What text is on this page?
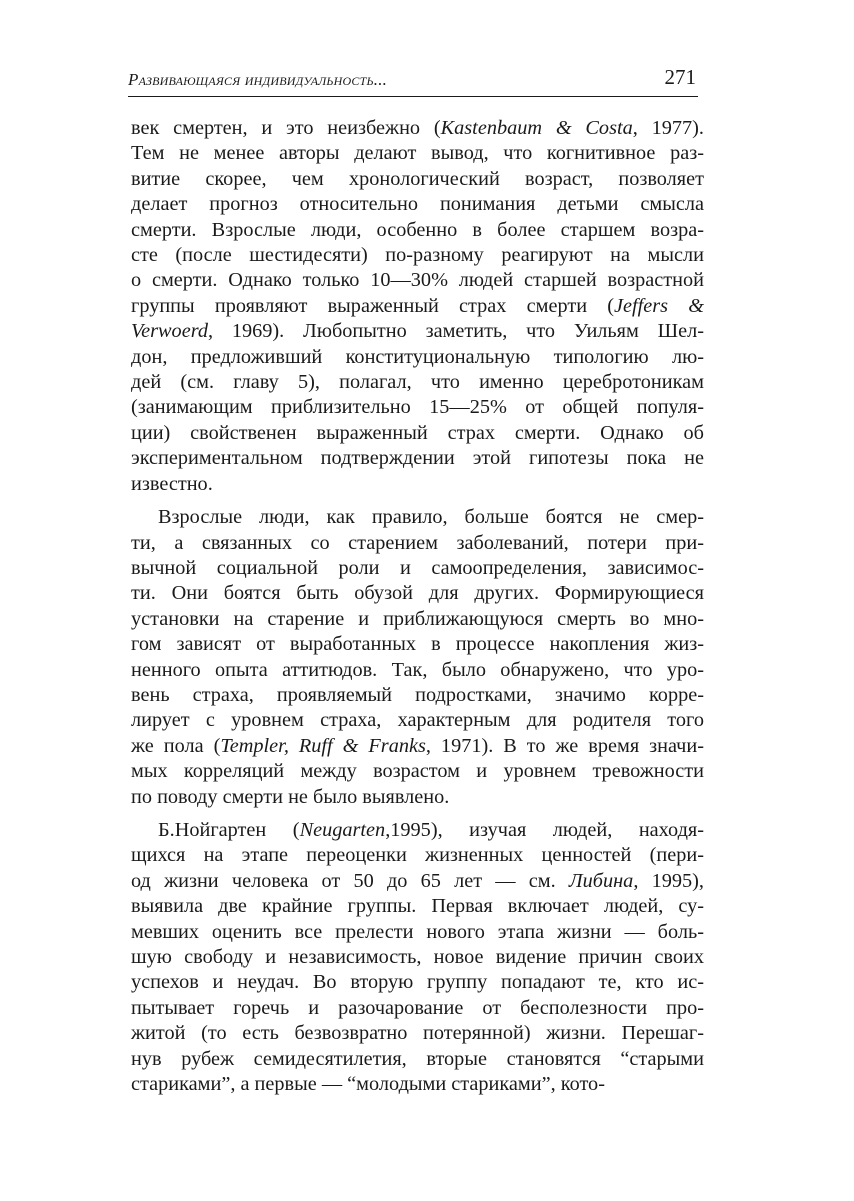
Развивающаяся индивидуальность...	271

век смертен, и это неизбежно (Kastenbaum & Costa, 1977).
Тем не менее авторы делают вывод, что когнитивное раз-
витие скорее, чем хронологический возраст, позволяет
делает прогноз относительно понимания детьми смысла
смерти. Взрослые люди, особенно в более старшем возра-
сте (после шестидесяти) по-разному реагируют на мысли
о смерти. Однако только 10—30% людей старшей возрастной
группы проявляют выраженный страх смерти (Jeffers &
Verwoerd, 1969). Любопытно заметить, что Уильям Шел-
дон, предложивший конституциональную типологию лю-
дей (см. главу 5), полагал, что именно церебротоникам
(занимающим приблизительно 15—25% от общей популя-
ции) свойственен выраженный страх смерти. Однако об
экспериментальном подтверждении этой гипотезы пока не
известно.

Взрослые люди, как правило, больше боятся не смер-
ти, а связанных со старением заболеваний, потери при-
вычной социальной роли и самоопределения, зависимос-
ти. Они боятся быть обузой для других. Формирующиеся
установки на старение и приближающуюся смерть во мно-
гом зависят от выработанных в процессе накопления жиз-
ненного опыта аттитюдов. Так, было обнаружено, что уро-
вень страха, проявляемый подростками, значимо корре-
лирует с уровнем страха, характерным для родителя того
же пола (Templer, Ruff & Franks, 1971). В то же время значи-
мых корреляций между возрастом и уровнем тревожности
по поводу смерти не было выявлено.

Б.Нойгартен (Neugarten,1995), изучая людей, находя-
щихся на этапе переоценки жизненных ценностей (пери-
од жизни человека от 50 до 65 лет — см. Либина, 1995),
выявила две крайние группы. Первая включает людей, су-
мевших оценить все прелести нового этапа жизни — боль-
шую свободу и независимость, новое видение причин своих
успехов и неудач. Во вторую группу попадают те, кто ис-
пытывает горечь и разочарование от бесполезности про-
житой (то есть безвозвратно потерянной) жизни. Перешаг-
нув рубеж семидесятилетия, вторые становятся “старыми
стариками”, а первые — “молодыми стариками”, кото-
